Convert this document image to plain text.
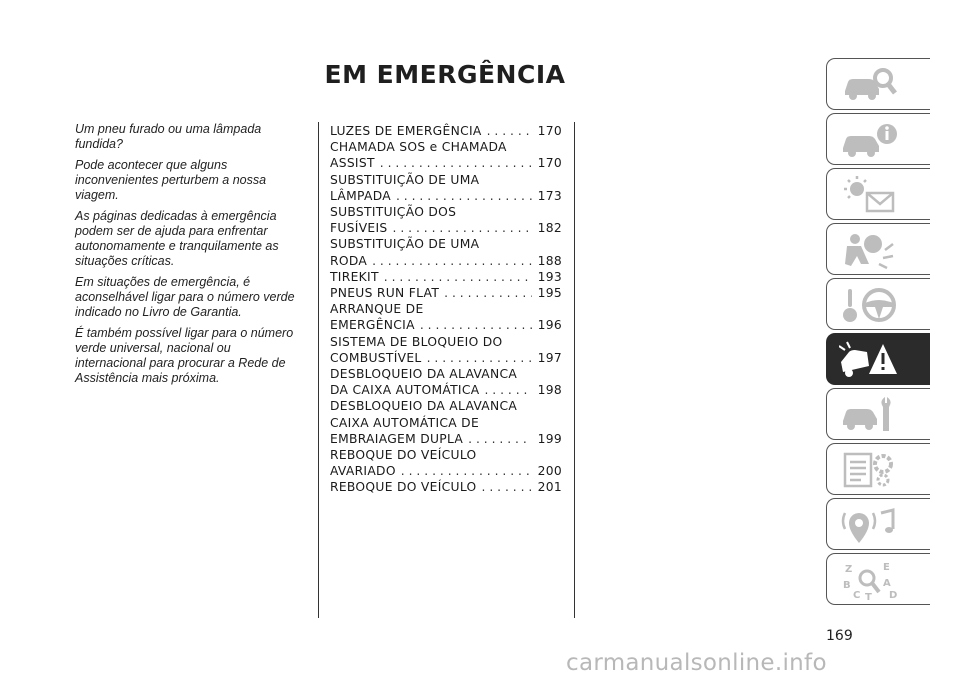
EM EMERGÊNCIA

Um pneu furado ou uma lâmpada fundida?

Pode acontecer que alguns inconvenientes perturbem a nossa viagem.

As páginas dedicadas à emergência podem ser de ajuda para enfrentar autonomamente e tranquilamente as situações críticas.

Em situações de emergência, é aconselhável ligar para o número verde indicado no Livro de Garantia.

É também possível ligar para o número verde universal, nacional ou internacional para procurar a Rede de Assistência mais próxima.

LUZES DE EMERGÊNCIA . . .	170
CHAMADA SOS e CHAMADA
ASSIST . . .	170
SUBSTITUIÇÃO DE UMA
LÂMPADA . . .	173
SUBSTITUIÇÃO DOS
FUSÍVEIS . . .	182
SUBSTITUIÇÃO DE UMA
RODA . . .	188
TIREKIT . . .	193
PNEUS RUN FLAT . . .	195
ARRANQUE DE
EMERGÊNCIA . . .	196
SISTEMA DE BLOQUEIO DO
COMBUSTÍVEL . . .	197
DESBLOQUEIO DA ALAVANCA
DA CAIXA AUTOMÁTICA . . .	198
DESBLOQUEIO DA ALAVANCA
CAIXA AUTOMÁTICA DE
EMBRAIAGEM DUPLA . . .	199
REBOQUE DO VEÍCULO
AVARIADO . . .	200
REBOQUE DO VEÍCULO . . .	201
Z	E
B	A
D
C T
169
carmanualsonline.info
